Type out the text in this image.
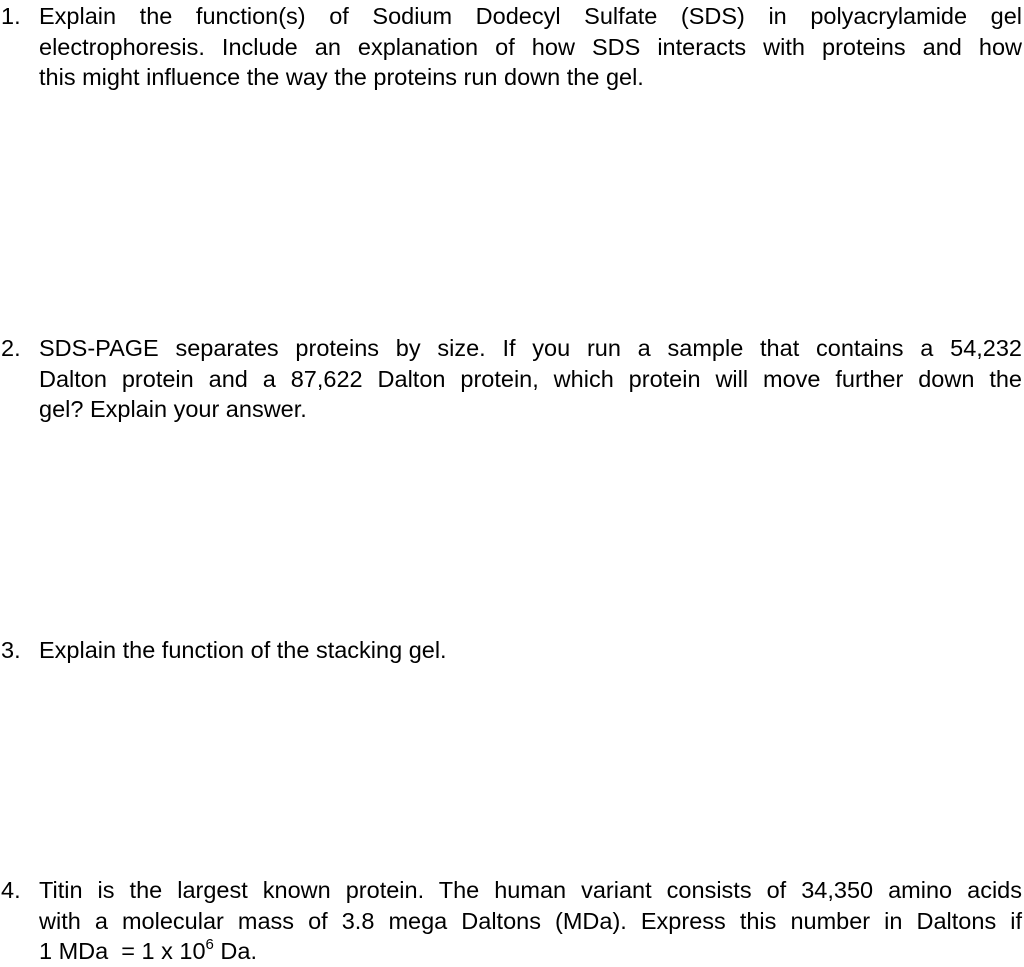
1. Explain the function(s) of Sodium Dodecyl Sulfate (SDS) in polyacrylamide gel
electrophoresis. Include an explanation of how SDS interacts with proteins and how
this might influence the way the proteins run down the gel.
2. SDS-PAGE separates proteins by size. If you run a sample that contains a 54,232
Dalton protein and a 87,622 Dalton protein, which protein will move further down the
gel? Explain your answer.
3. Explain the function of the stacking gel.
4. Titin is the largest known protein. The human variant consists of 34,350 amino acids
with a molecular mass of 3.8 mega Daltons (MDa). Express this number in Daltons if
1 MDa  = 1 x $10^6$ Da.
